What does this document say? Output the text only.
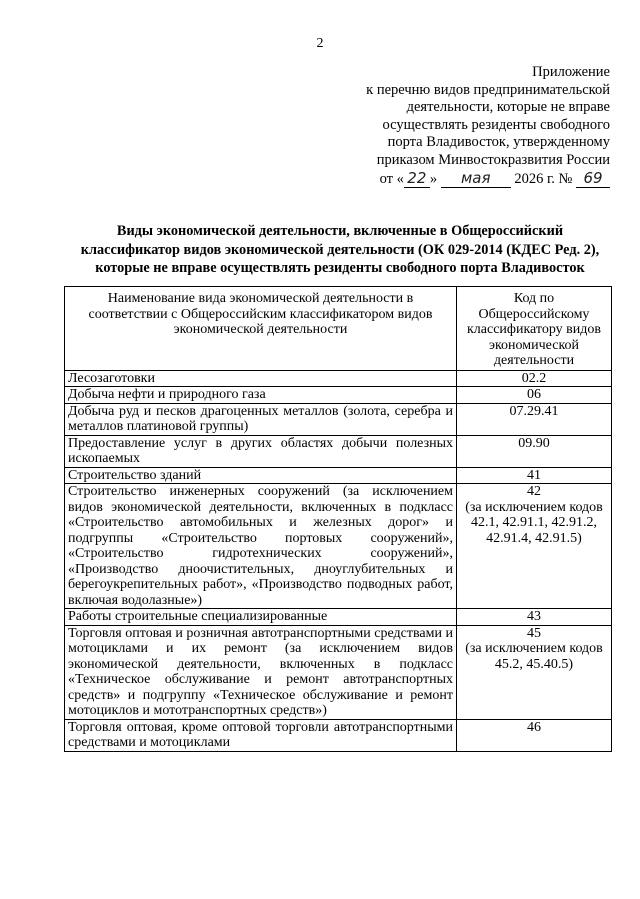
2
Приложение
к перечню видов предпринимательской
деятельности, которые не вправе
осуществлять резиденты свободного
порта Владивосток, утвержденному
приказом Минвостокразвития России
от « 22 » мая 2026 г. № 69
Виды экономической деятельности, включенные в Общероссийский
классификатор видов экономической деятельности (ОК 029-2014 (КДЕС Ред. 2),
которые не вправе осуществлять резиденты свободного порта Владивосток
Наименование вида экономической деятельности в соответствии с Общероссийским классификатором видов экономической деятельности	Код по Общероссийскому классификатору видов экономической деятельности
Лесозаготовки	02.2
Добыча нефти и природного газа	06
Добыча руд и песков драгоценных металлов (золота, серебра и металлов платиновой группы)	07.29.41
Предоставление услуг в других областях добычи полезных ископаемых	09.90
Строительство зданий	41
Строительство инженерных сооружений (за исключением видов экономической деятельности, включенных в подкласс «Строительство автомобильных и железных дорог» и подгруппы «Строительство портовых сооружений», «Строительство гидротехнических сооружений», «Производство дноочистительных, дноуглубительных и берегоукрепительных работ», «Производство подводных работ, включая водолазные»)	42
(за исключением кодов 42.1, 42.91.1, 42.91.2, 42.91.4, 42.91.5)

Работы строительные специализированные	43
Торговля оптовая и розничная автотранспортными средствами и мотоциклами и их ремонт (за исключением видов экономической деятельности, включенных в подкласс «Техническое обслуживание и ремонт автотранспортных средств» и подгруппу «Техническое обслуживание и ремонт мотоциклов и мототранспортных средств»)	45
(за исключением кодов 45.2, 45.40.5)

Торговля оптовая, кроме оптовой торговли автотранспортными средствами и мотоциклами	46
